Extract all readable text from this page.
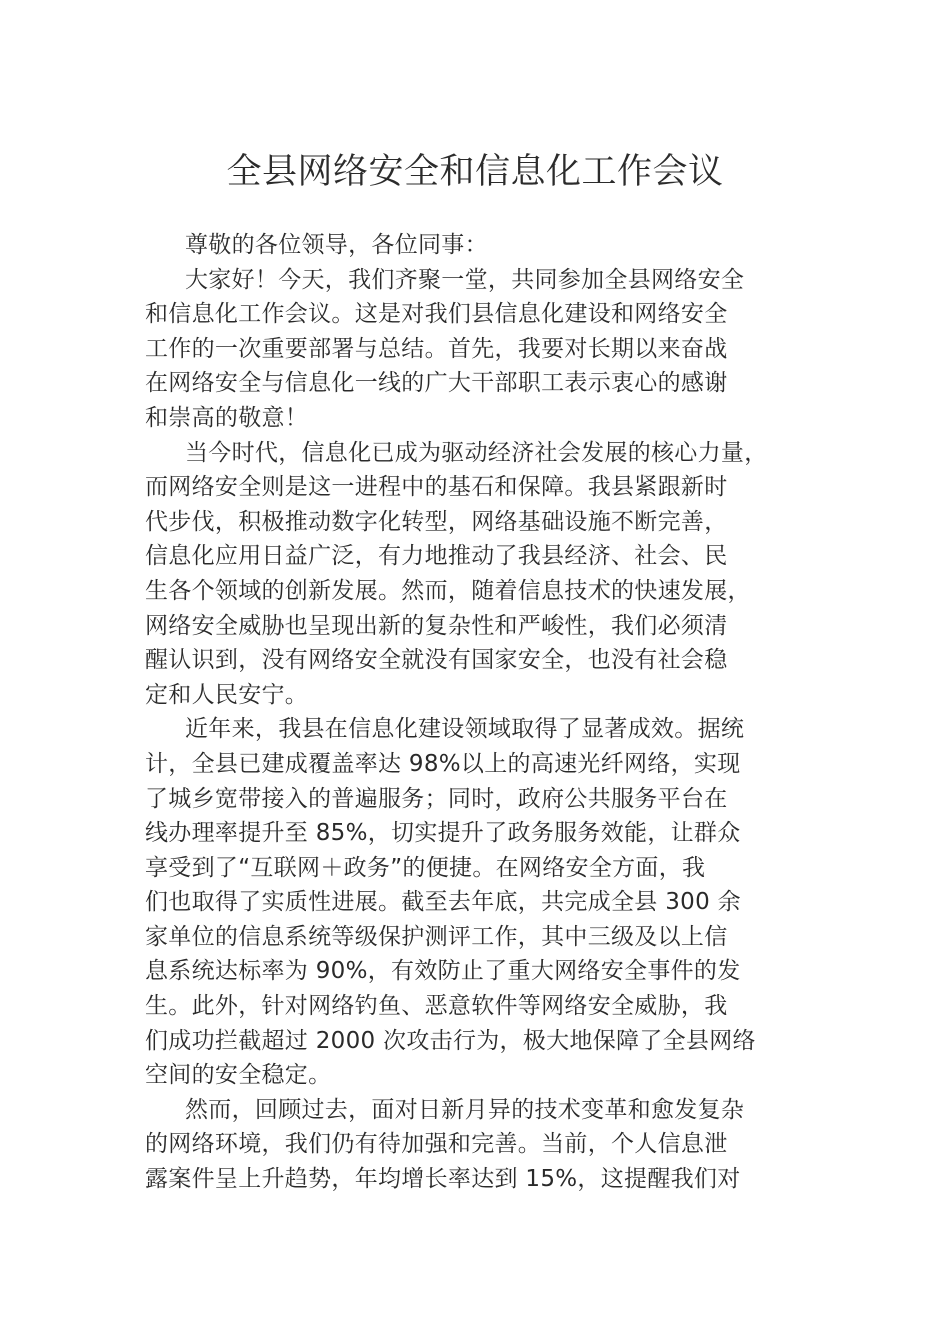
全县网络安全和信息化工作会议

尊敬的各位领导，各位同事：

大家好！今天，我们齐聚一堂，共同参加全县网络安全
和信息化工作会议。这是对我们县信息化建设和网络安全
工作的一次重要部署与总结。首先，我要对长期以来奋战
在网络安全与信息化一线的广大干部职工表示衷心的感谢
和崇高的敬意！

当今时代，信息化已成为驱动经济社会发展的核心力量，
而网络安全则是这一进程中的基石和保障。我县紧跟新时
代步伐，积极推动数字化转型，网络基础设施不断完善，
信息化应用日益广泛，有力地推动了我县经济、社会、民
生各个领域的创新发展。然而，随着信息技术的快速发展，
网络安全威胁也呈现出新的复杂性和严峻性，我们必须清
醒认识到，没有网络安全就没有国家安全，也没有社会稳
定和人民安宁。

近年来，我县在信息化建设领域取得了显著成效。据统
计，全县已建成覆盖率达 98%以上的高速光纤网络，实现
了城乡宽带接入的普遍服务；同时，政府公共服务平台在
线办理率提升至 85%，切实提升了政务服务效能，让群众
享受到了“互联网＋政务”的便捷。在网络安全方面，我
们也取得了实质性进展。截至去年底，共完成全县 300 余
家单位的信息系统等级保护测评工作，其中三级及以上信
息系统达标率为 90%，有效防止了重大网络安全事件的发
生。此外，针对网络钓鱼、恶意软件等网络安全威胁，我
们成功拦截超过 2000 次攻击行为，极大地保障了全县网络
空间的安全稳定。

然而，回顾过去，面对日新月异的技术变革和愈发复杂
的网络环境，我们仍有待加强和完善。当前，个人信息泄
露案件呈上升趋势，年均增长率达到 15%，这提醒我们对
